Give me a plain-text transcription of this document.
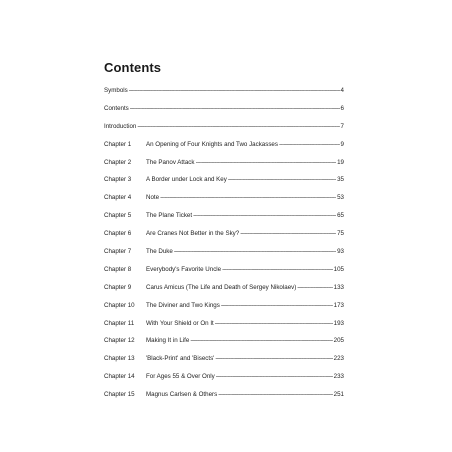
Contents
Symbols -----	4
Contents -----	6
Introduction -----	7
Chapter 1	An Opening of Four Knights and Two Jackasses -----	9
Chapter 2	The Panov Attack -----	19
Chapter 3	A Border under Lock and Key -----	35
Chapter 4	Note -----	53
Chapter 5	The Plane Ticket -----	65
Chapter 6	Are Cranes Not Better in the Sky? -----	75
Chapter 7	The Duke -----	93
Chapter 8	Everybody's Favorite Uncle -----	105
Chapter 9	Carus Amicus (The Life and Death of Sergey Nikolaev) -----	133
Chapter 10	The Diviner and Two Kings -----	173
Chapter 11	With Your Shield or On It -----	193
Chapter 12	Making It in Life -----	205
Chapter 13	'Black-Print' and 'Bisects' -----	223
Chapter 14	For Ages 55 & Over Only -----	233
Chapter 15	Magnus Carlsen & Others -----	251
